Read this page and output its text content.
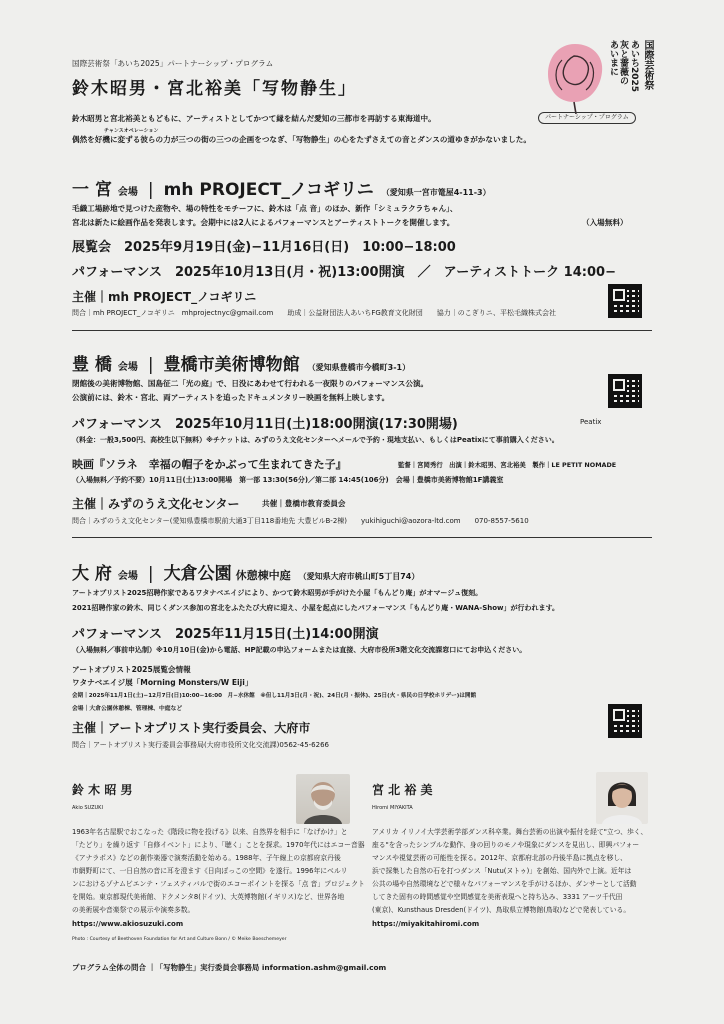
あいまに 灰と薔薇の あいち2025 国際芸術祭
パートナーシップ・プログラム
国際芸術祭「あいち2025」パートナーシップ・プログラム
鈴木昭男・宮北裕美「写物静生」
鈴木昭男と宮北裕美ともどもに、アーティストとしてかつて縁を結んだ愛知の三都市を再訪する東海道中。
チャンスオペレーション
偶然を好機に変ずる彼らの力が三つの街の三つの企画をつなぎ、「写物静生」の心をたずさえての音とダンスの道ゆきがかないました。
一 宮 会場 | mh PROJECT_ノコギリニ （愛知県一宮市篭屋4-11-3）
毛織工場跡地で見つけた産物や、場の特性をモチーフに、鈴木は「点 音」のほか、新作「シミュラクラちゃん」、
宮北は新たに絵画作品を発表します。会期中には2人によるパフォーマンスとアーティストトークを開催します。	（入場無料）
展覧会　2025年9月19日(金)−11月16日(日)　10:00−18:00
パフォーマンス　2025年10月13日(月・祝)13:00開演　／　アーティストトーク 14:00−
主催｜mh PROJECT_ノコギリニ
問合｜mh PROJECT_ノコギリニ　mhprojectnyc@gmail.com　　助成｜公益財団法人あいちFG教育文化財団　　協力｜のこぎりニ、平松毛織株式会社
豊 橋 会場 | 豊橋市美術博物館 （愛知県豊橋市今橋町3-1）
閉館後の美術博物館、国島征二「光の庭」で、日没にあわせて行われる一夜限りのパフォーマンス公演。
公演前には、鈴木・宮北、両アーティストを追ったドキュメンタリー映画を無料上映します。
Peatix
パフォーマンス　2025年10月11日(土)18:00開演(17:30開場)
（料金：一般3,500円、高校生以下無料）※チケットは、みずのうえ文化センターへメールで予約・現地支払い、もしくはPeatixにて事前購入ください。
映画『ソラネ　幸福の帽子をかぶって生まれてきた子』	監督｜宮岡秀行　出演｜鈴木昭男、宮北裕美　製作｜LE PETIT NOMADE
（入場無料／予約不要）10月11日(土)13:00開場　第一部 13:30(56分)／第二部 14:45(106分)　会場｜豊橋市美術博物館1F講義室
主催｜みずのうえ文化センター	共催｜豊橋市教育委員会
問合｜みずのうえ文化センター(愛知県豊橋市駅前大通3丁目118番地先 大豊ビルB-2棟)　　yukihiguchi@aozora-ltd.com　　070-8557-5610
大 府 会場 | 大倉公園 休憩棟中庭 （愛知県大府市桃山町5丁目74）
アートオプリスト2025招聘作家であるワタナベエイジにより、かつて鈴木昭男が手がけた小屋「もんどり庵」がオマージュ復刻。
2021招聘作家の鈴木、同じくダンス参加の宮北をふたたび大府に迎え、小屋を起点にしたパフォーマンス「もんどり庵・WANA-Show」が行われます。
パフォーマンス　2025年11月15日(土)14:00開演
（入場無料／事前申込制）※10月10日(金)から電話、HP記載の申込フォームまたは直接、大府市役所3階文化交流課窓口にてお申込ください。
アートオプリスト2025展覧会情報
ワタナベエイジ展「Morning Monsters/W Eiji」
会期｜2025年11月1日(土)−12月7日(日)10:00−16:00　月−水休館　※但し11月3日(月・祝)、24日(月・振休)、25日(火・県民の日学校ホリデー)は開館
会場｜大倉公園休憩棟、管理棟、中庭など
主催｜アートオプリスト実行委員会、大府市
問合｜アートオプリスト実行委員会事務局(大府市役所文化交流課)0562-45-6266
鈴 木 昭 男
Akio SUZUKI
1963年名古屋駅でおこなった《階段に物を投げる》以来、自然界を相手に「なげかけ」と
「たどり」を繰り返す「自修イベント」により、「聴く」ことを探求。1970年代にはエコー音器
《アナラポス》などの創作楽器で演奏活動を始める。1988年、子午線上の京都府京丹後
市網野町にて、一日自然の音に耳を澄ます《日向ぼっこの空間》を遂行。1996年にベルリ
ンにおけるゾナムビエンテ・フェスティバルで街のエコーポイントを探る「点 音」プロジェクト
を開始。東京都現代美術館、ドクメンタ8(ドイツ)、大英博物館(イギリス)など、世界各地
の美術展や音楽祭での展示や演奏多数。
https://www.akiosuzuki.com
Photo : Courtesy of Beethoven Foundation for Art and Culture Bonn / © Meike Boeschemeyer
宮 北 裕 美
Hiromi MIYAKITA
アメリカ イリノイ大学芸術学部ダンス科卒業。舞台芸術の出演や振付を経て"立つ、歩く、
座る"を含ったシンプルな動作、身の回りのモノや現象にダンスを見出し、即興パフォー
マンスや視覚芸術の可能性を探る。2012年、京都府北部の丹後半島に拠点を移し、
浜で採集した自然の石を打つダンス「Nutu(ヌトゥ)」を創始、国内外で上演。近年は
公共の場や自然環境などで様々なパフォーマンスを手がけるほか、ダンサーとして活動
してきた固有の時間感覚や空間感覚を美術表現へと持ち込み、3331 アーツ千代田
(東京)、Kunsthaus Dresden(ドイツ)、鳥取県立博物館(鳥取)などで発表している。
https://miyakitahiromi.com
プログラム全体の問合 ｜「写物静生」実行委員会事務局 information.ashm@gmail.com
